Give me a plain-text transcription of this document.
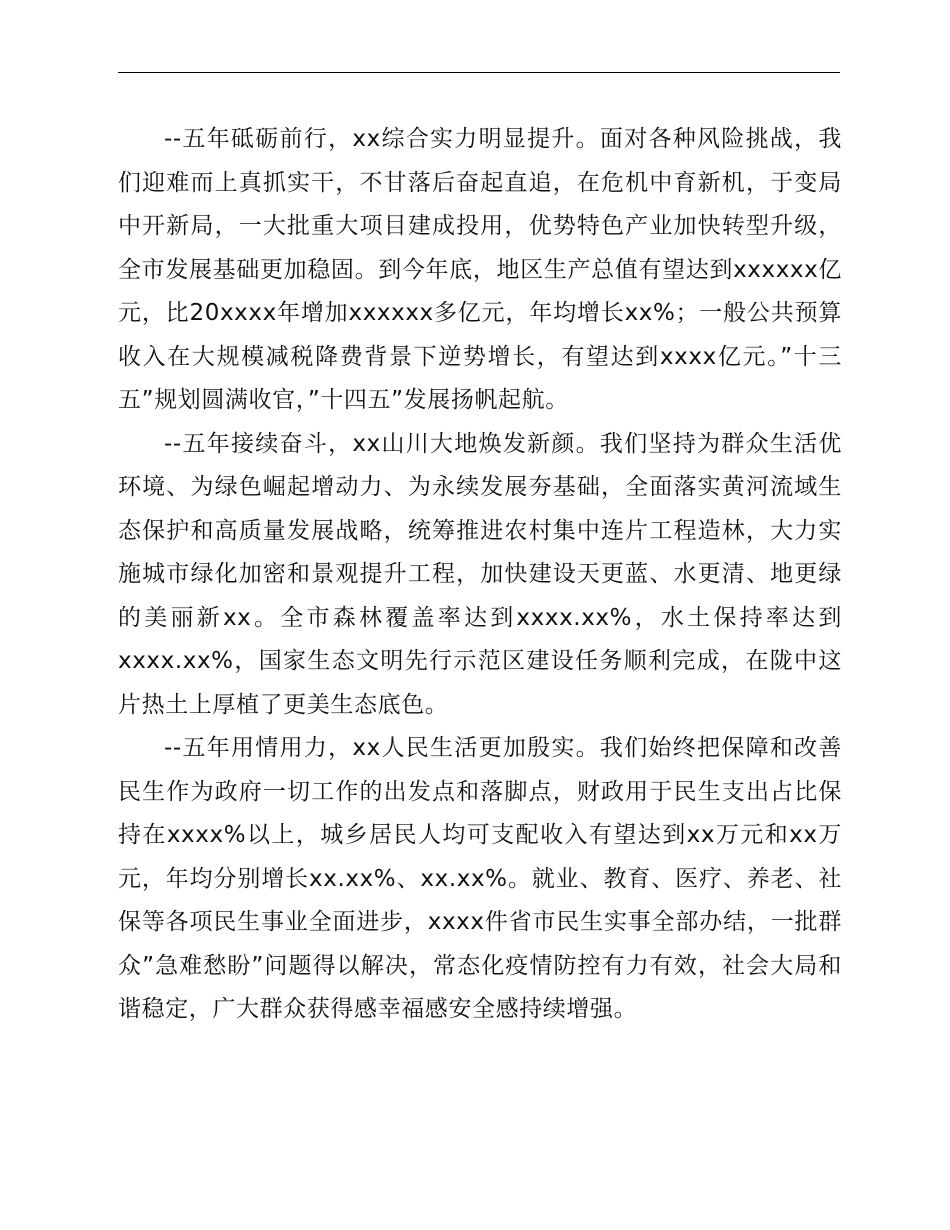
--五年砥砺前行，xx综合实力明显提升。面对各种风险挑战，我们迎难而上真抓实干，不甘落后奋起直追，在危机中育新机，于变局中开新局，一大批重大项目建成投用，优势特色产业加快转型升级，全市发展基础更加稳固。到今年底，地区生产总值有望达到xxxxxx亿元，比20xxxx年增加xxxxxx多亿元，年均增长xx%；一般公共预算收入在大规模减税降费背景下逆势增长，有望达到xxxx亿元。”十三五”规划圆满收官，”十四五”发展扬帆起航。

--五年接续奋斗，xx山川大地焕发新颜。我们坚持为群众生活优环境、为绿色崛起增动力、为永续发展夯基础，全面落实黄河流域生态保护和高质量发展战略，统筹推进农村集中连片工程造林，大力实施城市绿化加密和景观提升工程，加快建设天更蓝、水更清、地更绿的美丽新xx。全市森林覆盖率达到xxxx.xx%，水土保持率达到xxxx.xx%，国家生态文明先行示范区建设任务顺利完成，在陇中这片热土上厚植了更美生态底色。

--五年用情用力，xx人民生活更加殷实。我们始终把保障和改善民生作为政府一切工作的出发点和落脚点，财政用于民生支出占比保持在xxxx%以上，城乡居民人均可支配收入有望达到xx万元和xx万元，年均分别增长xx.xx%、xx.xx%。就业、教育、医疗、养老、社保等各项民生事业全面进步，xxxx件省市民生实事全部办结，一批群众”急难愁盼”问题得以解决，常态化疫情防控有力有效，社会大局和谐稳定，广大群众获得感幸福感安全感持续增强。
